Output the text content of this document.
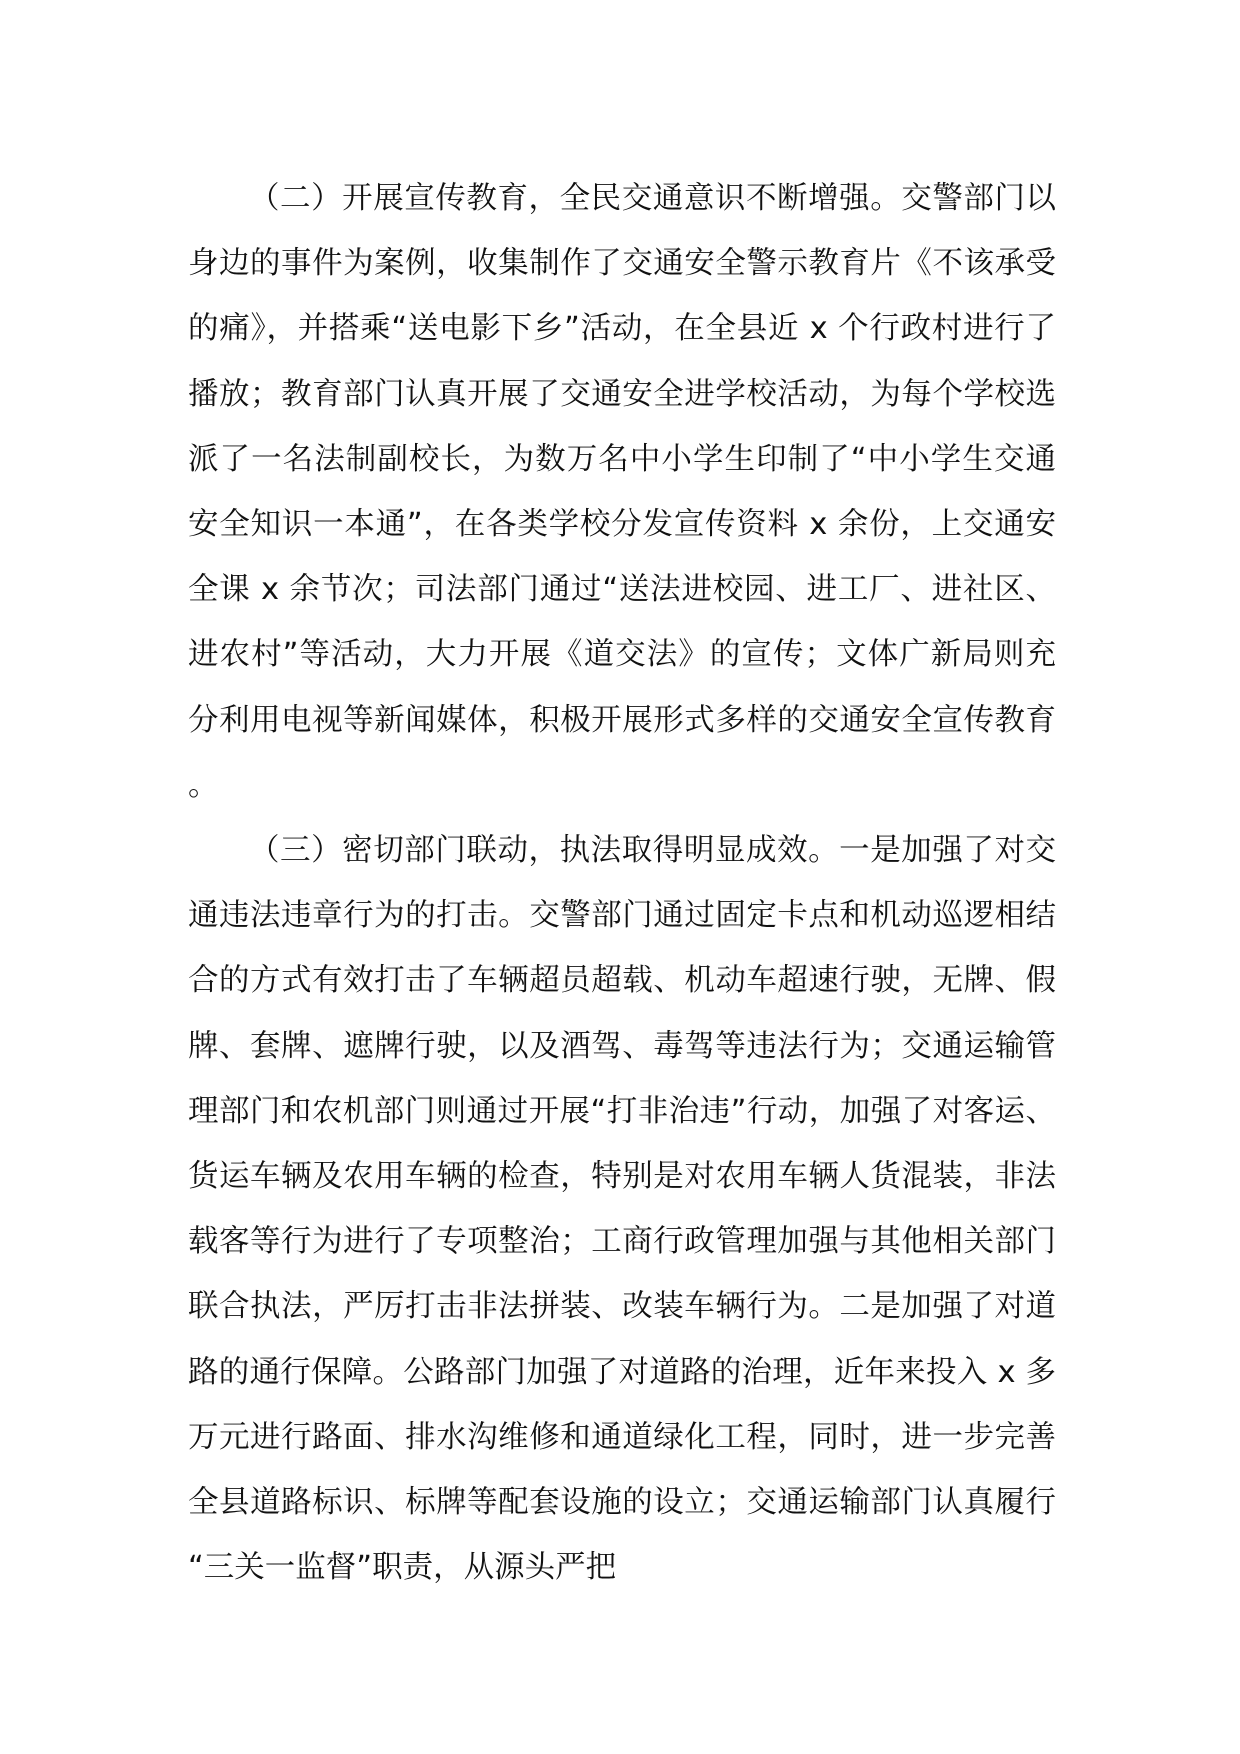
（二）开展宣传教育，全民交通意识不断增强。交警部门以身边的事件为案例，收集制作了交通安全警示教育片《不该承受的痛》，并搭乘“送电影下乡”活动，在全县近 x 个行政村进行了播放；教育部门认真开展了交通安全进学校活动，为每个学校选派了一名法制副校长，为数万名中小学生印制了“中小学生交通安全知识一本通”，在各类学校分发宣传资料 x 余份，上交通安全课 x 余节次；司法部门通过“送法进校园、进工厂、进社区、进农村”等活动，大力开展《道交法》的宣传；文体广新局则充分利用电视等新闻媒体，积极开展形式多样的交通安全宣传教育。

（三）密切部门联动，执法取得明显成效。一是加强了对交通违法违章行为的打击。交警部门通过固定卡点和机动巡逻相结合的方式有效打击了车辆超员超载、机动车超速行驶，无牌、假牌、套牌、遮牌行驶，以及酒驾、毒驾等违法行为；交通运输管理部门和农机部门则通过开展“打非治违”行动，加强了对客运、货运车辆及农用车辆的检查，特别是对农用车辆人货混装，非法载客等行为进行了专项整治；工商行政管理加强与其他相关部门联合执法，严厉打击非法拼装、改装车辆行为。二是加强了对道路的通行保障。公路部门加强了对道路的治理，近年来投入 x 多万元进行路面、排水沟维修和通道绿化工程，同时，进一步完善全县道路标识、标牌等配套设施的设立；交通运输部门认真履行“三关一监督”职责，从源头严把
